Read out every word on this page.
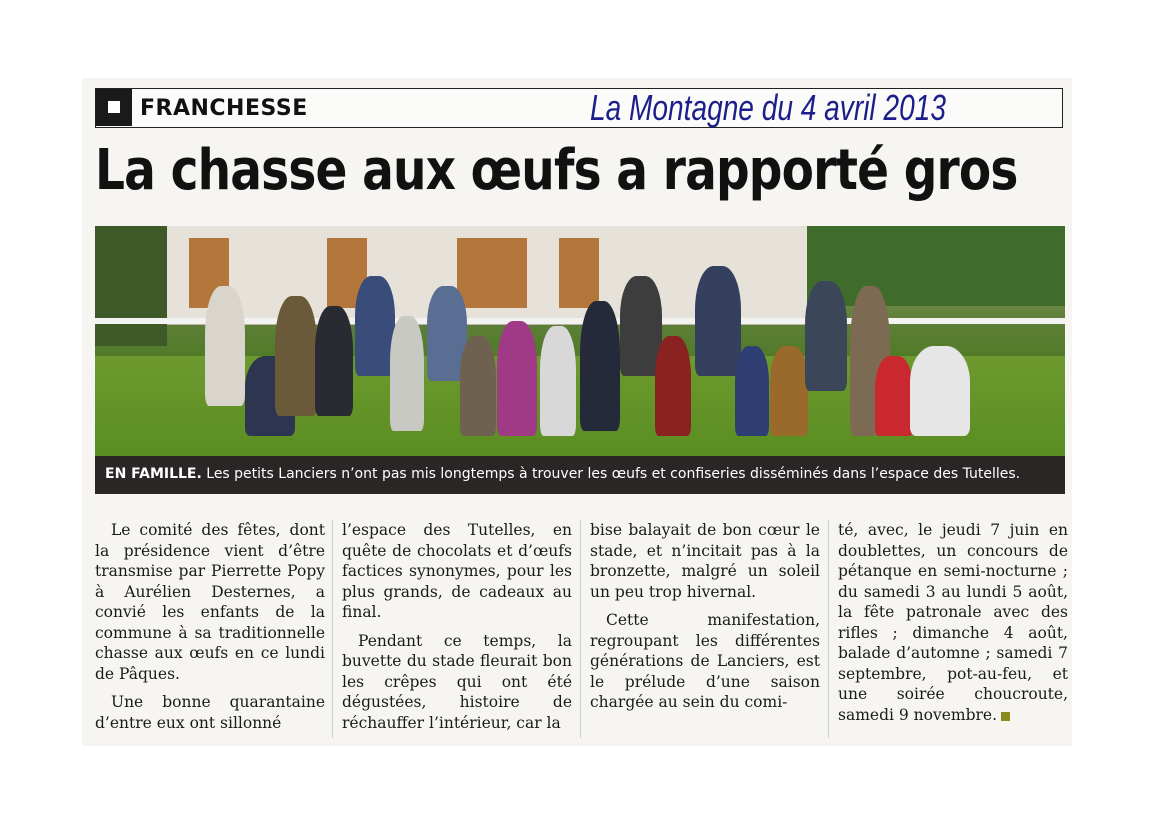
FRANCHESSE	La Montagne du 4 avril 2013
La chasse aux œufs a rapporté gros
EN FAMILLE. Les petits Lanciers n’ont pas mis longtemps à trouver les œufs et confiseries disséminés dans l’espace des Tutelles.

Le comité des fêtes, dont la présidence vient d’être transmise par Pierrette Popy à Aurélien Desternes, a convié les enfants de la commune à sa traditionnelle chasse aux œufs en ce lundi de Pâques.

Une bonne quarantaine d’entre eux ont sillonné

l’espace des Tutelles, en quête de chocolats et d’œufs factices synonymes, pour les plus grands, de cadeaux au final.

Pendant ce temps, la buvette du stade fleurait bon les crêpes qui ont été dégustées, histoire de réchauffer l’intérieur, car la

bise balayait de bon cœur le stade, et n’incitait pas à la bronzette, malgré un soleil un peu trop hivernal.

Cette manifestation, regroupant les différentes générations de Lanciers, est le prélude d’une saison chargée au sein du comi-

té, avec, le jeudi 7 juin en doublettes, un concours de pétanque en semi-nocturne ; du samedi 3 au lundi 5 août, la fête patronale avec des rifles ; dimanche 4 août, balade d’automne ; samedi 7 septembre, pot-au-feu, et une soirée choucroute, samedi 9 novembre.
